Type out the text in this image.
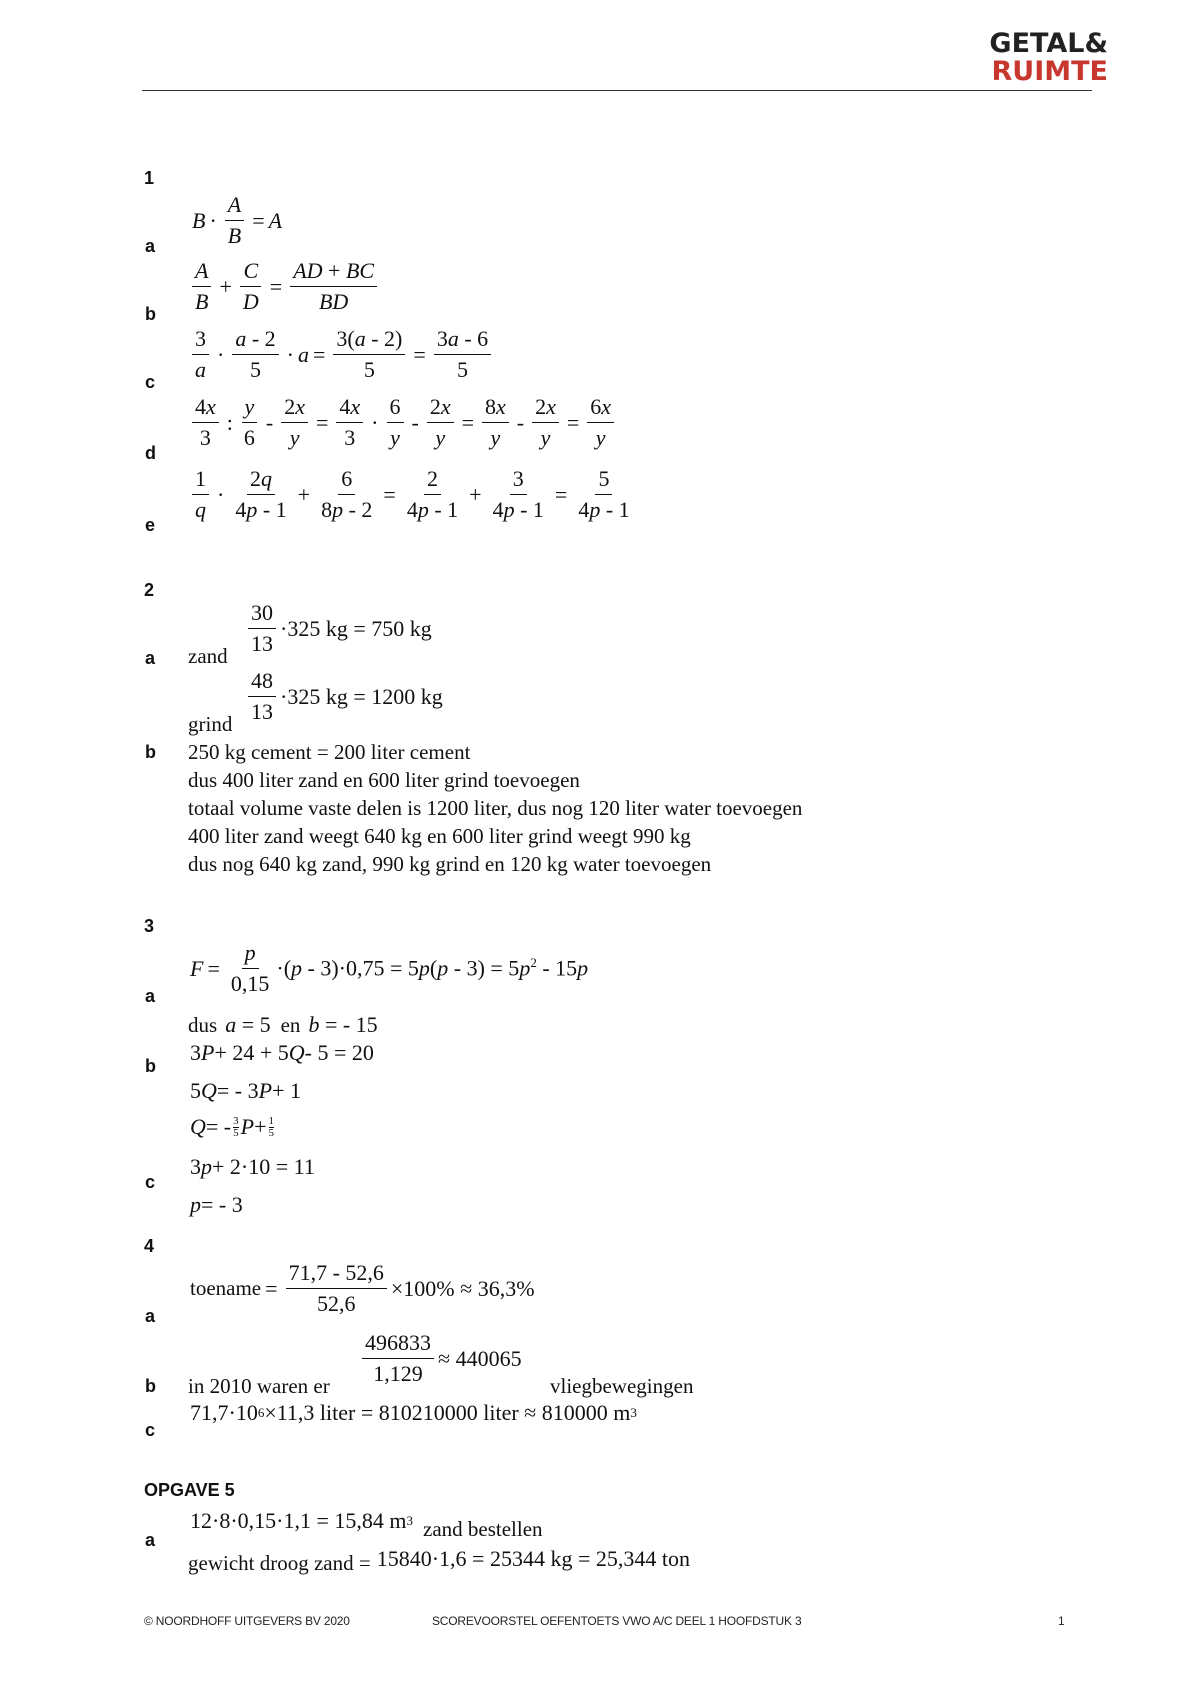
GETAL&
RUIMTE
1
a
$B \cdot \frac{A}{B} = A$
b $\frac{A}{B} + \frac{C}{D} = \frac{AD + BC}{BD}$
c $\frac{3}{a} \cdot \frac{a - 2}{5} \cdot a = \frac{3(a - 2)}{5} = \frac{3a - 6}{5}$
d
$\frac{4x}{3}$ : $\frac{y}{6} - \frac{2x}{y} = \frac{4x}{3} \cdot \frac{6}{y} - \frac{2x}{y} = \frac{8x}{y} - \frac{2x}{y} = \frac{6x}{y}$
e
$\frac{1}{q} \cdot \frac{2q}{4p - 1} + \frac{6}{8p - 2} = \frac{2}{4p - 1} + \frac{3}{4p - 1} = \frac{5}{4p - 1}$
2
a zand $\frac{30}{13} \cdot 325$ kg = 750 kg
grind $\frac{48}{13} \cdot 325$ kg = 1200 kg
b 250 kg cement = 200 liter cement
dus 400 liter zand en 600 liter grind toevoegen
totaal volume vaste delen is 1200 liter, dus nog 120 liter water toevoegen
400 liter zand weegt 640 kg en 600 liter grind weegt 990 kg
dus nog 640 kg zand, 990 kg grind en 120 kg water toevoegen
3
a
$F = \frac{p}{0,15} \cdot(p - 3)\cdot 0,75 = 5p(p - 3) = 5p^2 - 15p$
dus a = 5 en b = - 15
b
3 P + 24 + 5 Q - 5 = 20
5 Q = - 3 P + 1
Q = - 3
5 P + 1
5
c
3 p + 2·10 = 11
p = - 3
4
a
toename = $\frac{71,7 - 52,6}{52,6} \times 100\% \approx 36,3\%$
b in 2010 waren er $\frac{496833}{1,129} \approx 440065$
vliegbewegingen
c
71,7·10 6 ×11,3 liter = 810210000 liter ≈ 810000 m 3
OPGAVE 5
a
12·8·0,15·1,1 = 15,84 m 3 zand bestellen
gewicht droog zand = 15840·1,6 = 25344 kg = 25,344 ton
© NOORDHOFF UITGEVERS BV 2020	SCOREVOORSTEL OEFENTOETS VWO A/C DEEL 1 HOOFDSTUK 3	1
